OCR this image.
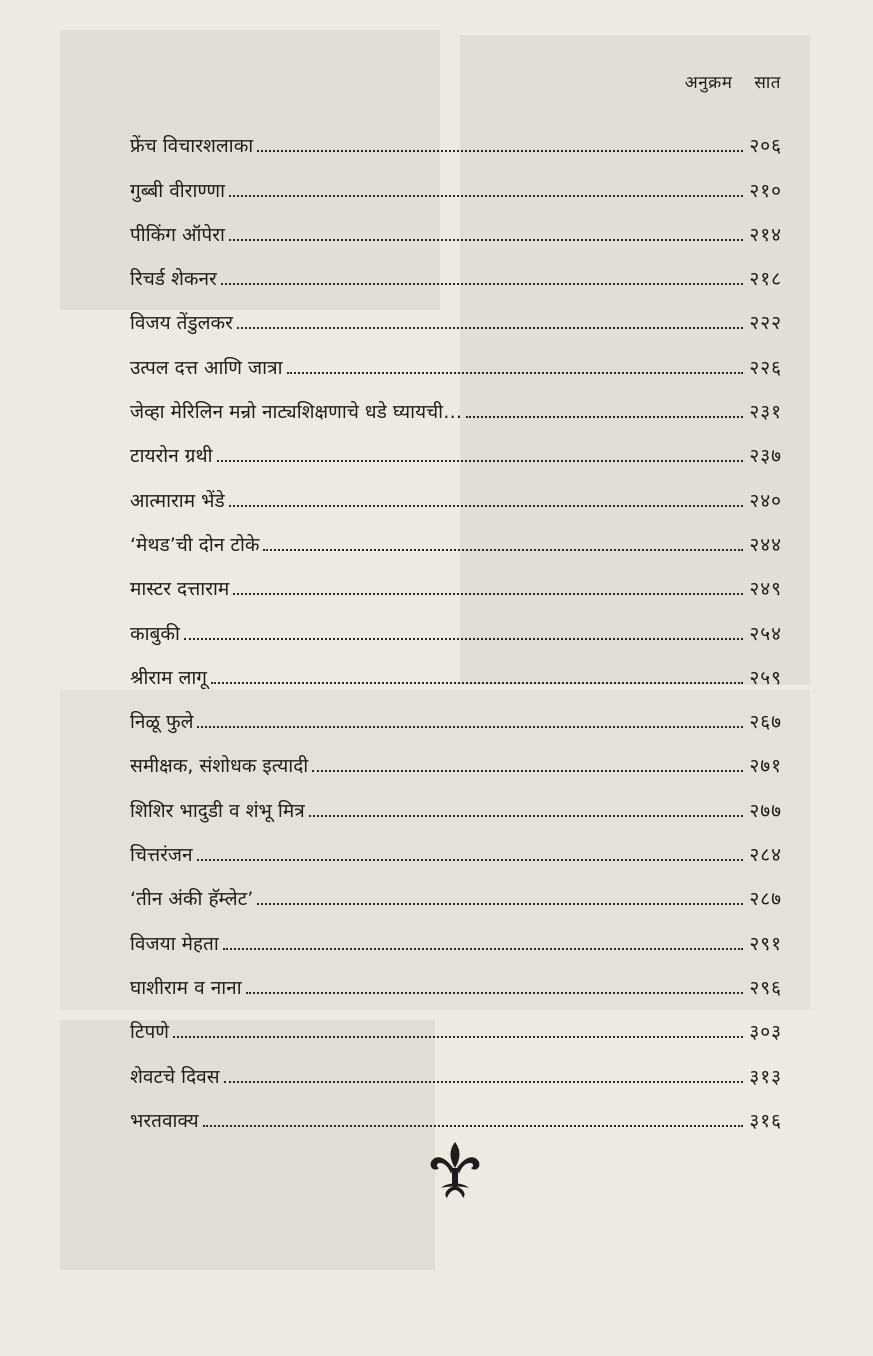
अनुक्रम सात
फ्रेंच विचारशलाका	२०६
गुब्बी वीराण्णा	२१०
पीकिंग ऑपेरा	२१४
रिचर्ड शेकनर	२१८
विजय तेंडुलकर	२२२
उत्पल दत्त आणि जात्रा	२२६
जेव्हा मेरिलिन मन्रो नाट्यशिक्षणाचे धडे घ्यायची…	२३१
टायरोन ग्रथी	२३७
आत्माराम भेंडे	२४०
‘मेथड’ची दोन टोके	२४४
मास्टर दत्ताराम	२४९
काबुकी	२५४
श्रीराम लागू	२५९
निळू फुले	२६७
समीक्षक, संशोधक इत्यादी	२७१
शिशिर भादुडी व शंभू मित्र	२७७
चित्तरंजन	२८४
‘तीन अंकी हॅम्लेट’	२८७
विजया मेहता	२९१
घाशीराम व नाना	२९६
टिपणे	३०३
शेवटचे दिवस	३१३
भरतवाक्य	३१६
